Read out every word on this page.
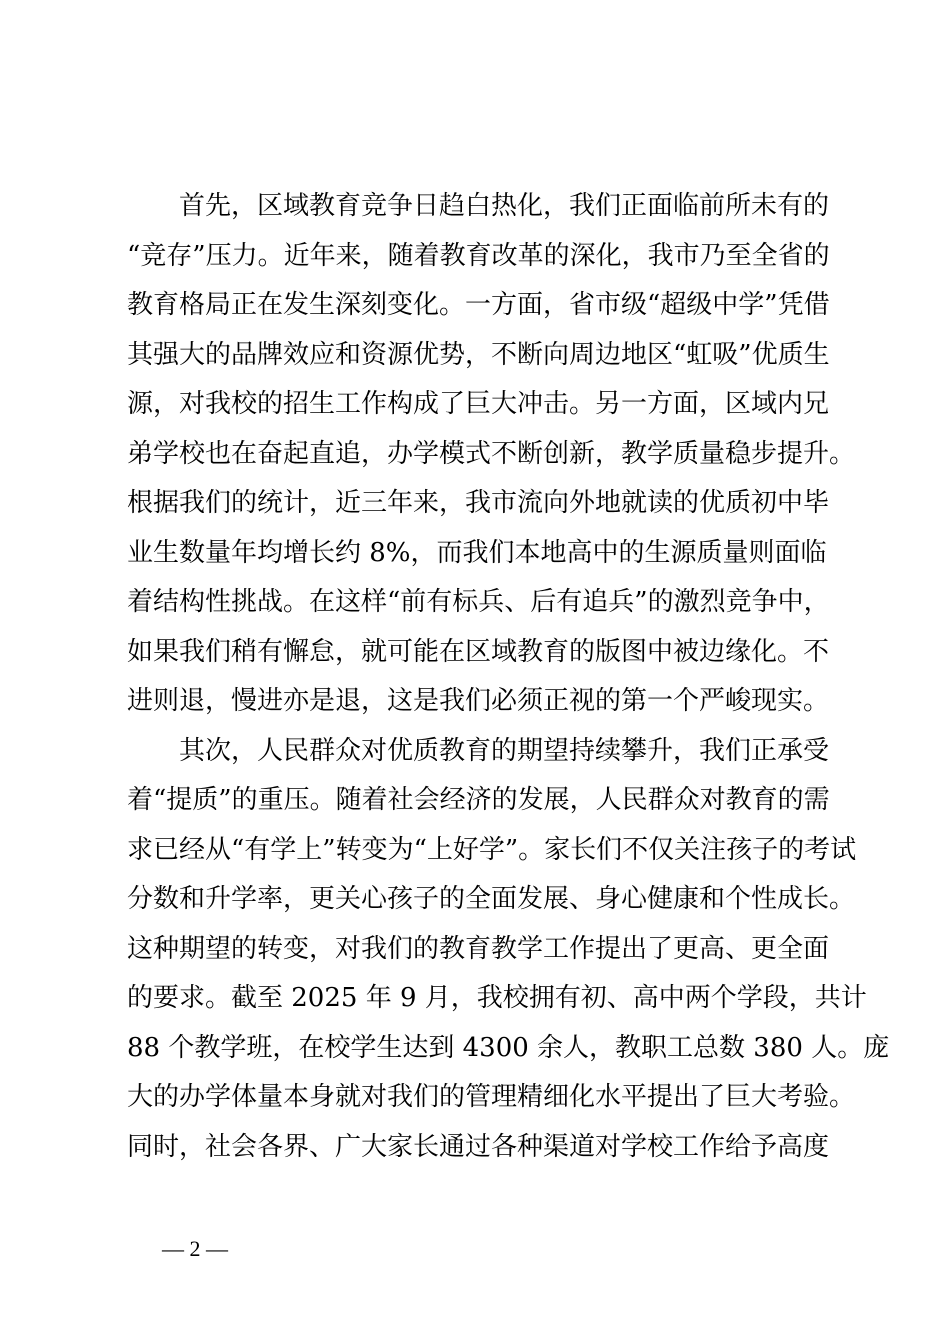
首先，区域教育竞争日趋白热化，我们正面临前所未有的
“竞存”压力。近年来，随着教育改革的深化，我市乃至全省的
教育格局正在发生深刻变化。一方面，省市级“超级中学”凭借
其强大的品牌效应和资源优势，不断向周边地区“虹吸”优质生
源，对我校的招生工作构成了巨大冲击。另一方面，区域内兄
弟学校也在奋起直追，办学模式不断创新，教学质量稳步提升。
根据我们的统计，近三年来，我市流向外地就读的优质初中毕
业生数量年均增长约 8%，而我们本地高中的生源质量则面临
着结构性挑战。在这样“前有标兵、后有追兵”的激烈竞争中，
如果我们稍有懈怠，就可能在区域教育的版图中被边缘化。不
进则退，慢进亦是退，这是我们必须正视的第一个严峻现实。
其次，人民群众对优质教育的期望持续攀升，我们正承受
着“提质”的重压。随着社会经济的发展，人民群众对教育的需
求已经从“有学上”转变为“上好学”。家长们不仅关注孩子的考试
分数和升学率，更关心孩子的全面发展、身心健康和个性成长。
这种期望的转变，对我们的教育教学工作提出了更高、更全面
的要求。截至 2025 年 9 月，我校拥有初、高中两个学段，共计
88 个教学班，在校学生达到 4300 余人，教职工总数 380 人。庞
大的办学体量本身就对我们的管理精细化水平提出了巨大考验。
同时，社会各界、广大家长通过各种渠道对学校工作给予高度
— 2 —
